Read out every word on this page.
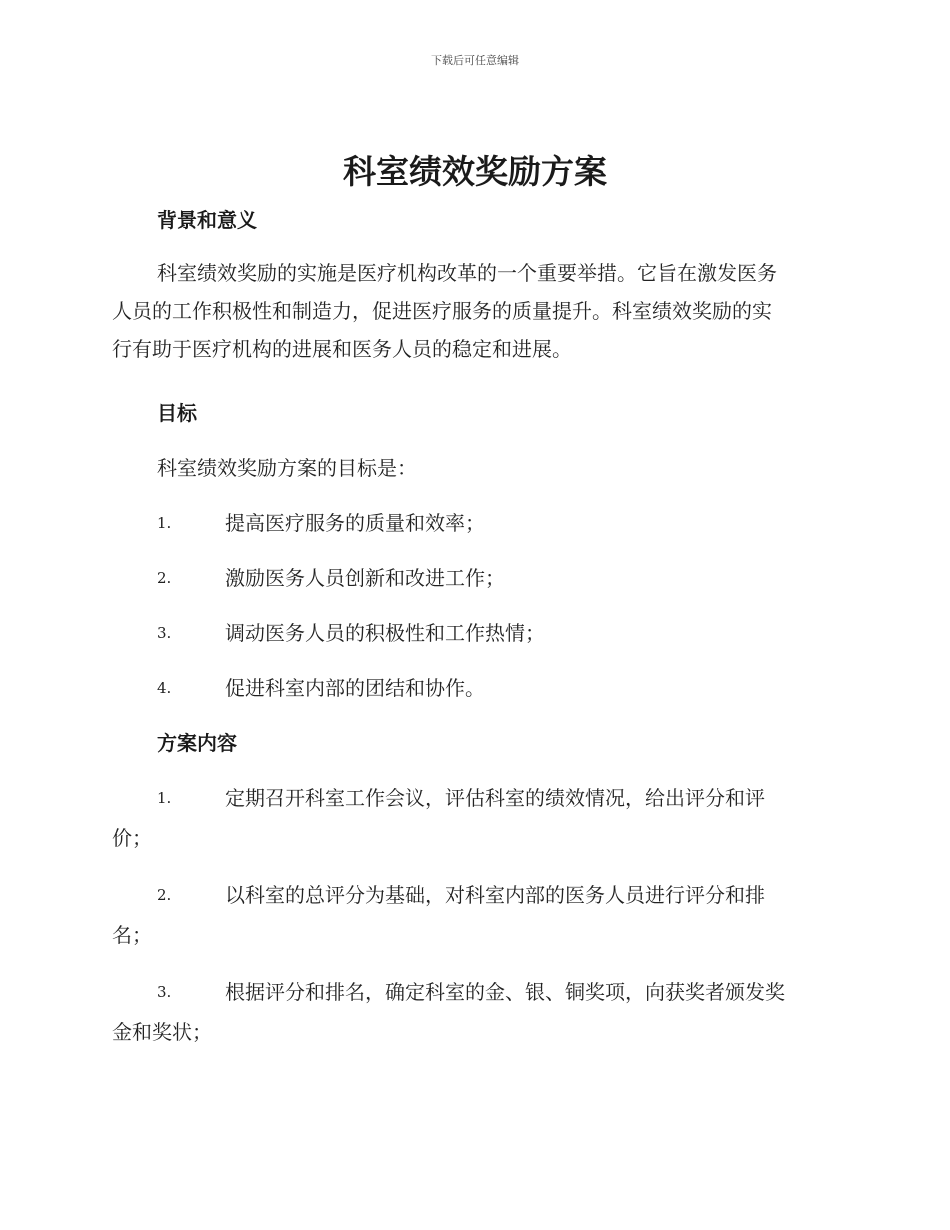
下载后可任意编辑
科室绩效奖励方案
背景和意义
科室绩效奖励的实施是医疗机构改革的一个重要举措。它旨在激发医务
人员的工作积极性和制造力，促进医疗服务的质量提升。科室绩效奖励的实
行有助于医疗机构的进展和医务人员的稳定和进展。
目标
科室绩效奖励方案的目标是：
1.	提高医疗服务的质量和效率；
2.	激励医务人员创新和改进工作；
3.	调动医务人员的积极性和工作热情；
4.	促进科室内部的团结和协作。
方案内容
1.	定期召开科室工作会议，评估科室的绩效情况，给出评分和评
价；
2.	以科室的总评分为基础，对科室内部的医务人员进行评分和排
名；
3.	根据评分和排名，确定科室的金、银、铜奖项，向获奖者颁发奖
金和奖状；
